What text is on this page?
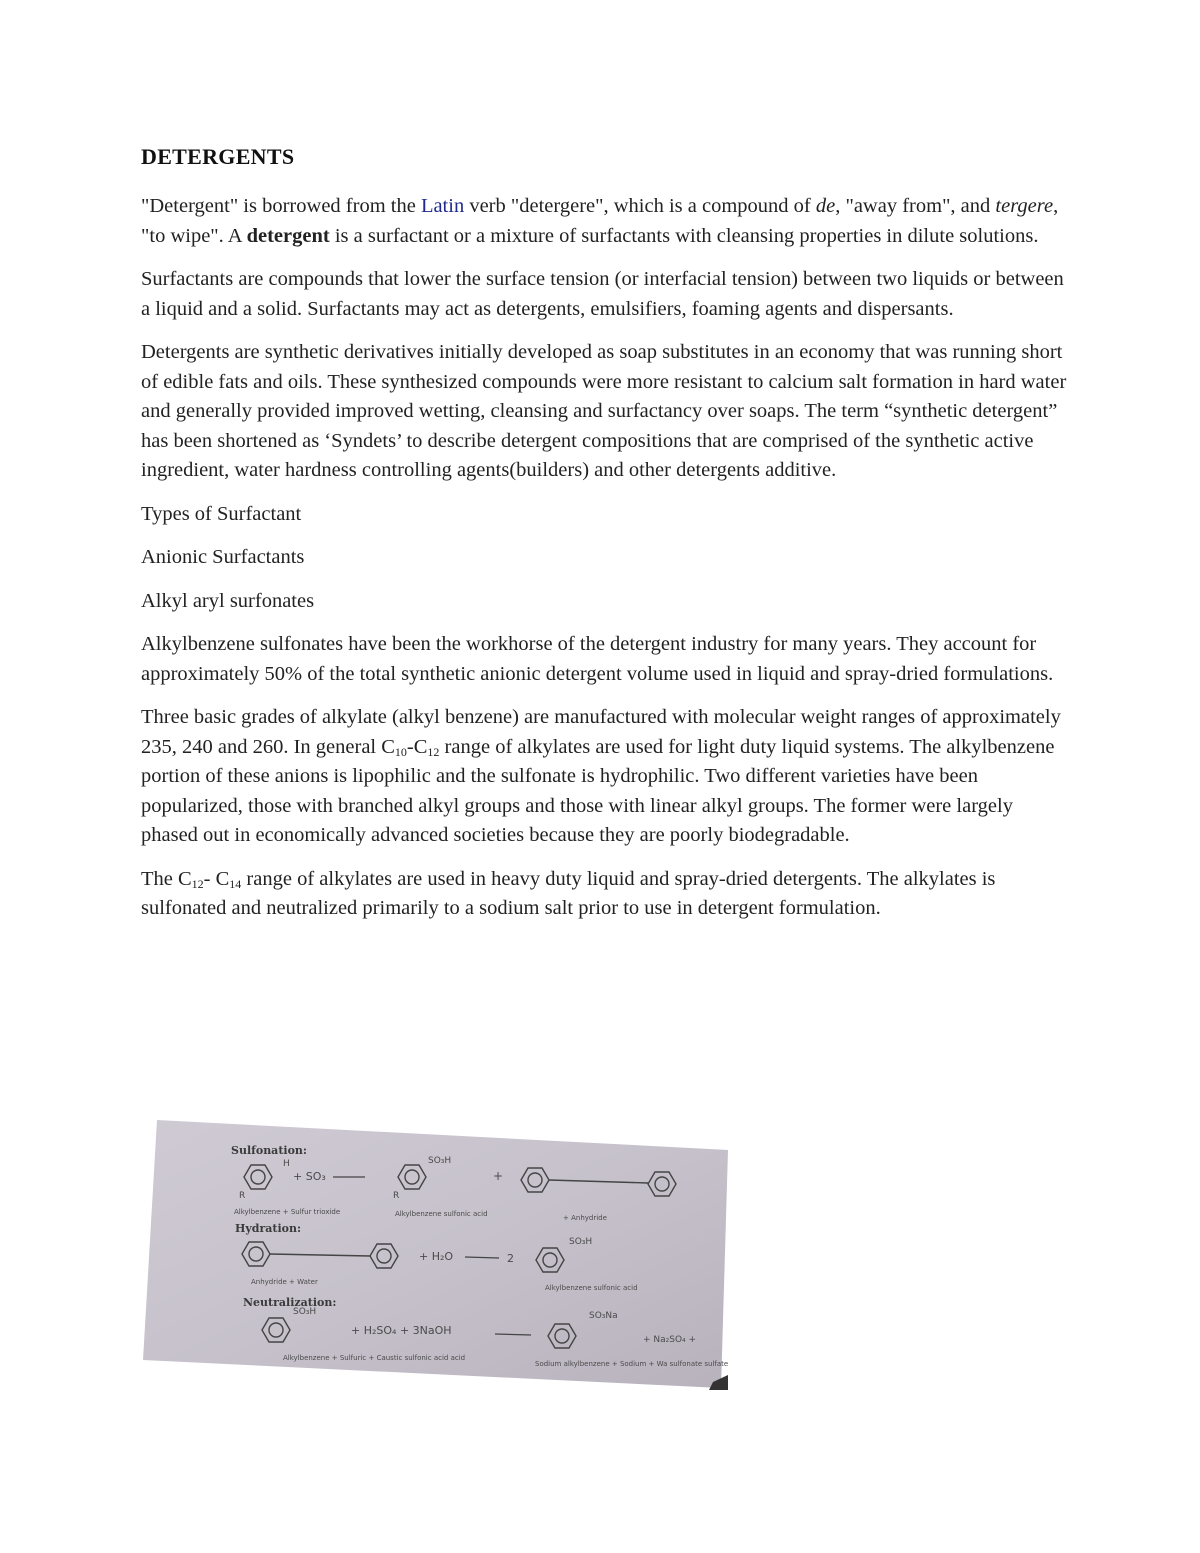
DETERGENTS

"Detergent" is borrowed from the Latin verb "detergere", which is a compound of de, "away from", and tergere, "to wipe". A detergent is a surfactant or a mixture of surfactants with cleansing properties in dilute solutions.

Surfactants are compounds that lower the surface tension (or interfacial tension) between two liquids or between a liquid and a solid. Surfactants may act as detergents, emulsifiers, foaming agents and dispersants.

Detergents are synthetic derivatives initially developed as soap substitutes in an economy that was running short of edible fats and oils. These synthesized compounds were more resistant to calcium salt formation in hard water and generally provided improved wetting, cleansing and surfactancy over soaps. The term “synthetic detergent” has been shortened as ‘Syndets’ to describe detergent compositions that are comprised of the synthetic active ingredient, water hardness controlling agents(builders) and other detergents additive.

Types of Surfactant

Anionic Surfactants

Alkyl aryl surfonates

Alkylbenzene sulfonates have been the workhorse of the detergent industry for many years. They account for approximately 50% of the total synthetic anionic detergent volume used in liquid and spray-dried formulations.

Three basic grades of alkylate (alkyl benzene) are manufactured with molecular weight ranges of approximately 235, 240 and 260. In general $C_{10}-C_{12}$ range of alkylates are used for light duty liquid systems. The alkylbenzene portion of these anions is lipophilic and the sulfonate is hydrophilic. Two different varieties have been popularized, those with branched alkyl groups and those with linear alkyl groups. The former were largely phased out in economically advanced societies because they are poorly biodegradable.

The $C_{12}-$ $C_{14}$ range of alkylates are used in heavy duty liquid and spray-dried detergents. The alkylates is sulfonated and neutralized primarily to a sodium salt prior to use in detergent formulation.

Sulfonation:
H
R
+ SO₃
SO₃H
R
+
Alkylbenzene + Sulfur trioxide	Alkylbenzene sulfonic acid	+ Anhydride
Hydration:
+ H₂O	2
SO₃H
Anhydride + Water
Alkylbenzene sulfonic acid
Neutralization:
SO₃H
+ H₂SO₄ + 3NaOH
SO₃Na
+ Na₂SO₄ +
Alkylbenzene + Sulfuric + Caustic sulfonic acid acid
Sodium alkylbenzene + Sodium + Wa sulfonate sulfate
